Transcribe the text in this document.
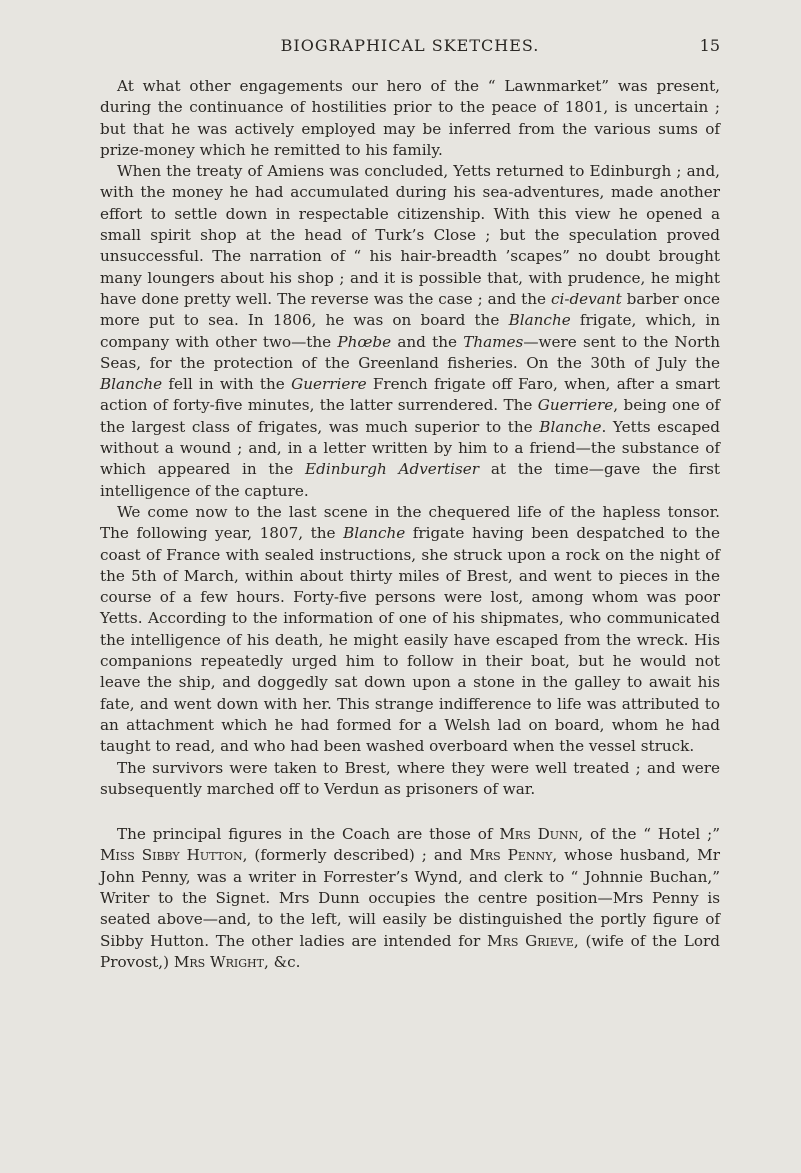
BIOGRAPHICAL SKETCHES.	15

At what other engagements our hero of the “ Lawnmarket” was present, during the continuance of hostilities prior to the peace of 1801, is uncertain ; but that he was actively employed may be inferred from the various sums of prize-money which he remitted to his family.

When the treaty of Amiens was concluded, Yetts returned to Edinburgh ; and, with the money he had accumulated during his sea-adventures, made another effort to settle down in respectable citizenship. With this view he opened a small spirit shop at the head of Turk’s Close ; but the speculation proved unsuccessful. The narration of “ his hair-breadth ’scapes” no doubt brought many loungers about his shop ; and it is possible that, with prudence, he might have done pretty well. The reverse was the case ; and the ci-devant barber once more put to sea. In 1806, he was on board the Blanche frigate, which, in company with other two—the Phœbe and the Thames—were sent to the North Seas, for the protection of the Greenland fisheries. On the 30th of July the Blanche fell in with the Guerriere French frigate off Faro, when, after a smart action of forty-five minutes, the latter surrendered. The Guerriere, being one of the largest class of frigates, was much superior to the Blanche. Yetts escaped without a wound ; and, in a letter written by him to a friend—the substance of which appeared in the Edinburgh Advertiser at the time—gave the first intelligence of the capture.

We come now to the last scene in the chequered life of the hapless tonsor. The following year, 1807, the Blanche frigate having been despatched to the coast of France with sealed instructions, she struck upon a rock on the night of the 5th of March, within about thirty miles of Brest, and went to pieces in the course of a few hours. Forty-five persons were lost, among whom was poor Yetts. According to the information of one of his shipmates, who communicated the intelligence of his death, he might easily have escaped from the wreck. His companions repeatedly urged him to follow in their boat, but he would not leave the ship, and doggedly sat down upon a stone in the galley to await his fate, and went down with her. This strange indifference to life was attributed to an attachment which he had formed for a Welsh lad on board, whom he had taught to read, and who had been washed overboard when the vessel struck.

The survivors were taken to Brest, where they were well treated ; and were subsequently marched off to Verdun as prisoners of war.

The principal figures in the Coach are those of Mrs Dunn, of the “ Hotel ;” Miss Sibby Hutton, (formerly described) ; and Mrs Penny, whose husband, Mr John Penny, was a writer in Forrester’s Wynd, and clerk to “ Johnnie Buchan,” Writer to the Signet. Mrs Dunn occupies the centre position—Mrs Penny is seated above—and, to the left, will easily be distinguished the portly figure of Sibby Hutton. The other ladies are intended for Mrs Grieve, (wife of the Lord Provost,) Mrs Wright, &c.
